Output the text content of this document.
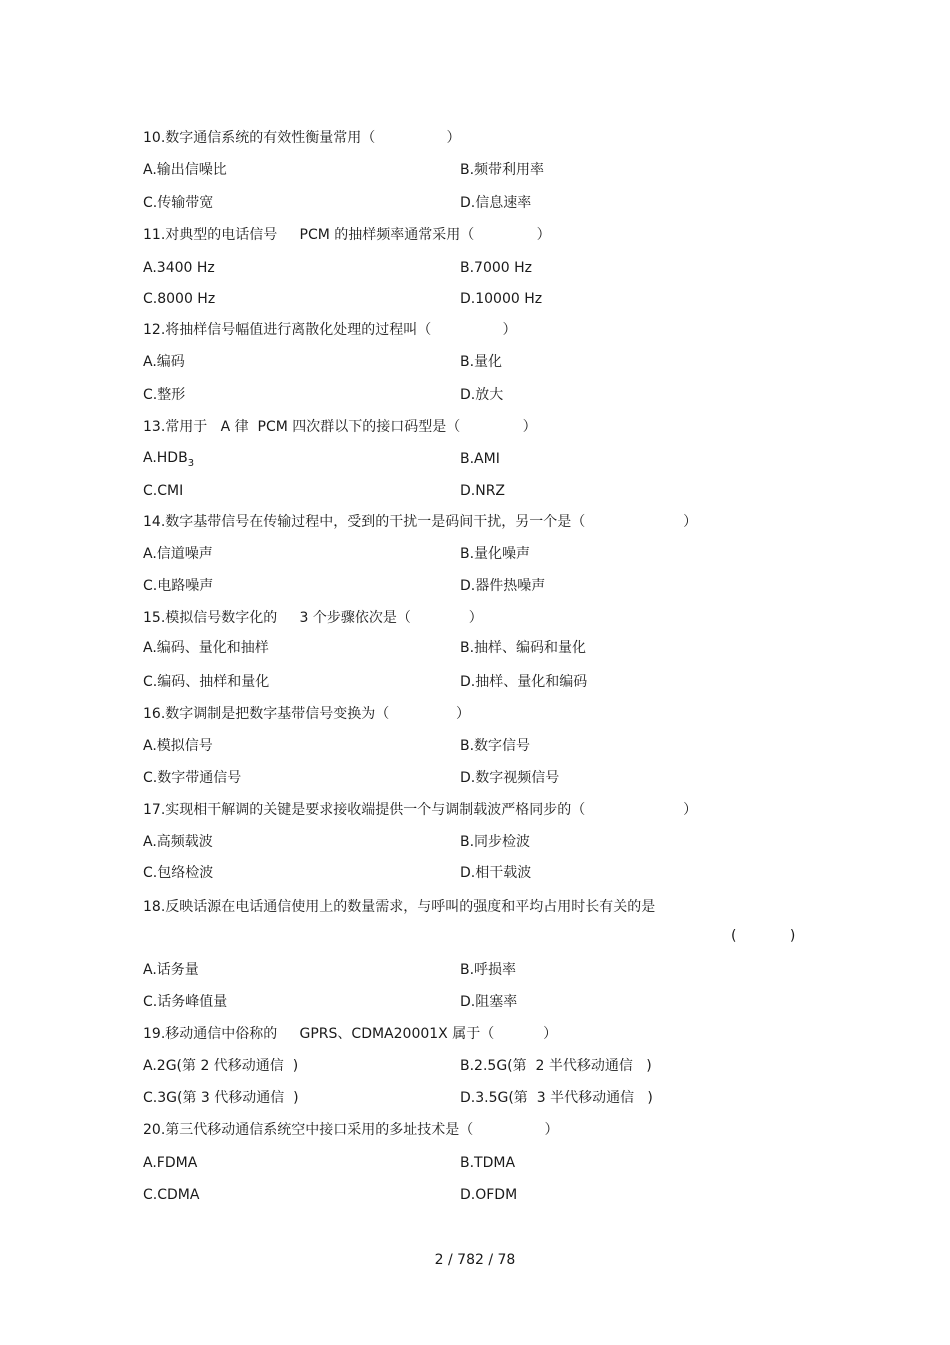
10.数字通信系统的有效性衡量常用（                ）
A.输出信噪比	B.频带利用率
C.传输带宽	D.信息速率
11.对典型的电话信号     PCM 的抽样频率通常采用（              ）
A.3400 Hz	B.7000 Hz
C.8000 Hz	D.10000 Hz
12.将抽样信号幅值进行离散化处理的过程叫（                ）
A.编码	B.量化
C.整形	D.放大
13.常用于   A 律  PCM 四次群以下的接口码型是（              ）
$A.HDB_3$	B.AMI
C.CMI	D.NRZ
14.数字基带信号在传输过程中，受到的干扰一是码间干扰，另一个是（                      ）
A.信道噪声	B.量化噪声
C.电路噪声	D.器件热噪声
15.模拟信号数字化的     3 个步骤依次是（             ）
A.编码、量化和抽样	B.抽样、编码和量化
C.编码、抽样和量化	D.抽样、量化和编码
16.数字调制是把数字基带信号变换为（               ）
A.模拟信号	B.数字信号
C.数字带通信号	D.数字视频信号
17.实现相干解调的关键是要求接收端提供一个与调制载波严格同步的（                      ）
A.高频载波	B.同步检波
C.包络检波	D.相干载波
18.反映话源在电话通信使用上的数量需求，与呼叫的强度和平均占用时长有关的是
(            )
A.话务量	B.呼损率
C.话务峰值量	D.阻塞率
19.移动通信中俗称的     GPRS、CDMA20001X 属于（           ）
A.2G(第 2 代移动通信  )	B.2.5G(第  2 半代移动通信   )
C.3G(第 3 代移动通信  )	D.3.5G(第  3 半代移动通信   )
20.第三代移动通信系统空中接口采用的多址技术是（                ）
A.FDMA	B.TDMA
C.CDMA	D.OFDM
2 / 782 / 78
